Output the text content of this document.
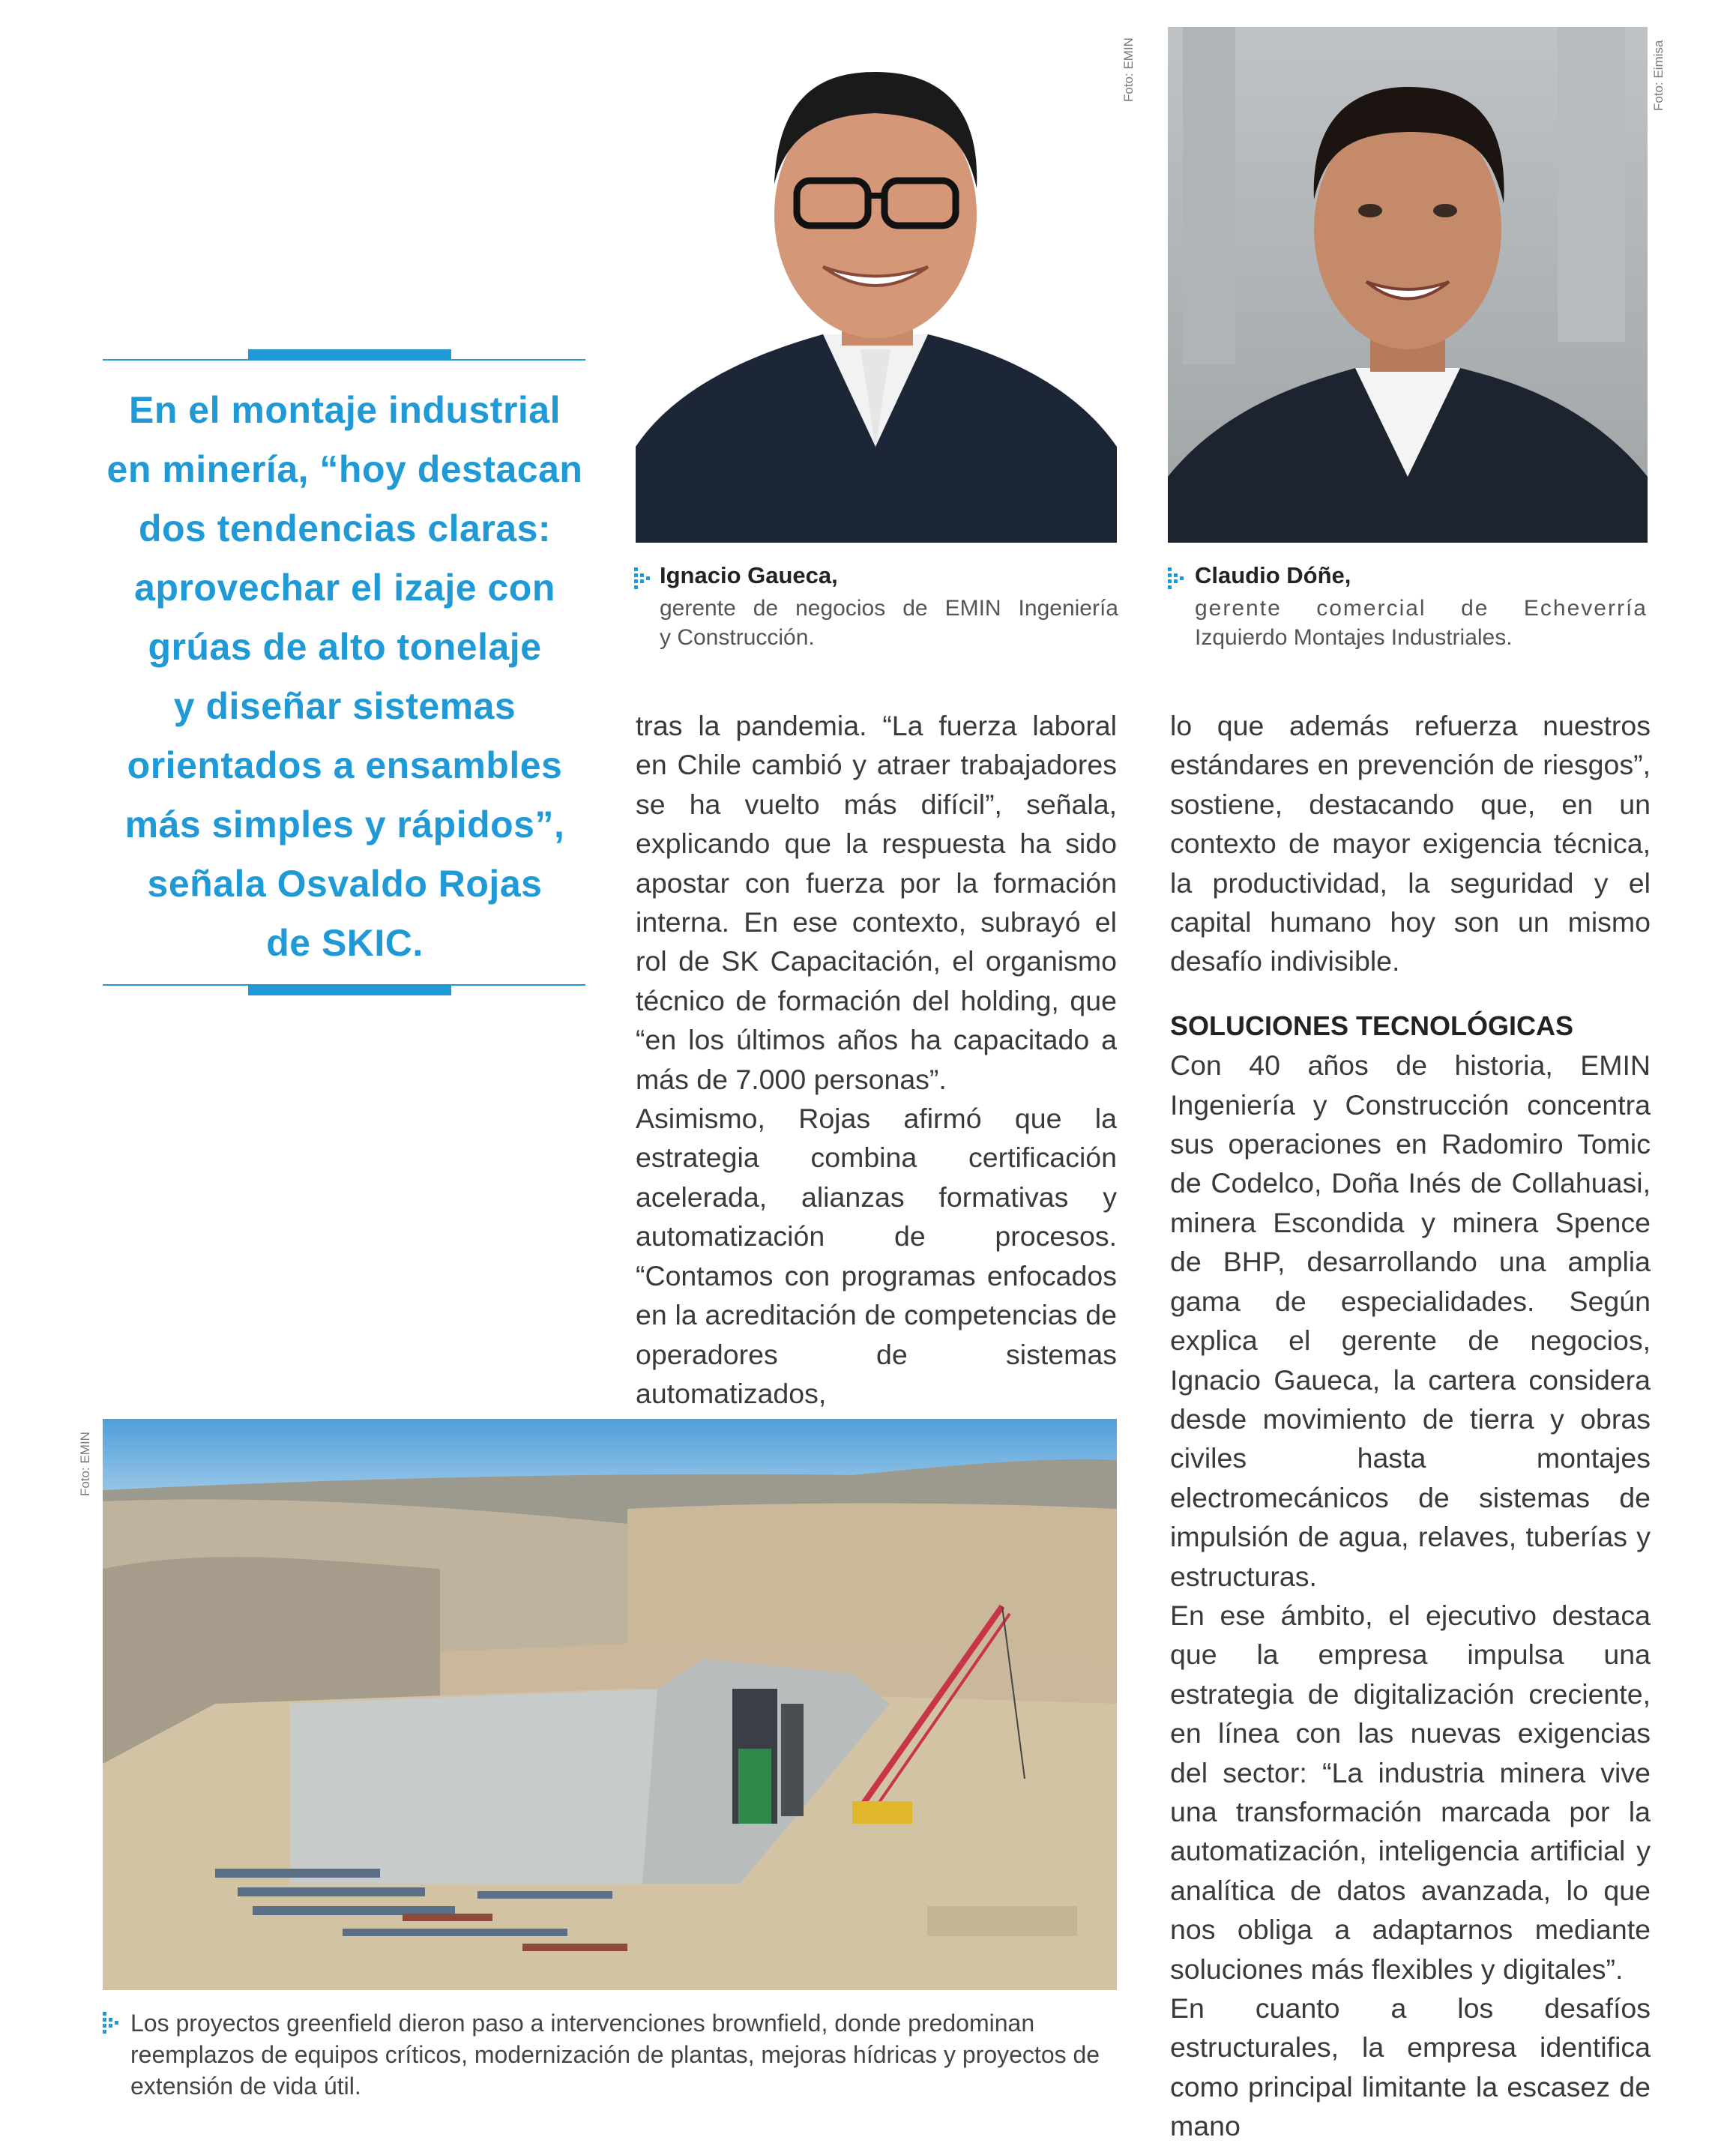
En el montaje industrial
en minería, “hoy destacan
dos tendencias claras:
aprovechar el izaje con
grúas de alto tonelaje
y diseñar sistemas
orientados a ensambles
más simples y rápidos”,
señala Osvaldo Rojas
de SKIC.
Foto: EMIN	Foto: Eimisa
Ignacio Gaueca,
gerente de negocios de EMIN Ingeniería
y Construcción.
Claudio Dóñe,
gerente comercial de Echeverría
Izquierdo Montajes Industriales.

tras la pandemia. “La fuerza laboral en Chile cambió y atraer trabajadores se ha vuelto más difícil”, señala, explicando que la respuesta ha sido apostar con fuerza por la formación interna. En ese contexto, subrayó el rol de SK Capacitación, el organismo técnico de formación del holding, que “en los últimos años ha capacitado a más de 7.000 personas”.

Asimismo, Rojas afirmó que la estrategia combina certificación acelerada, alianzas formativas y automatización de procesos. “Contamos con programas enfocados en la acreditación de competencias de operadores de sistemas automatizados,

lo que además refuerza nuestros estándares en prevención de riesgos”, sostiene, destacando que, en un contexto de mayor exigencia técnica, la productividad, la seguridad y el capital humano hoy son un mismo desafío indivisible.

SOLUCIONES TECNOLÓGICAS

Con 40 años de historia, EMIN Ingeniería y Construcción concentra sus operaciones en Radomiro Tomic de Codelco, Doña Inés de Collahuasi, minera Escondida y minera Spence de BHP, desarrollando una amplia gama de especialidades. Según explica el gerente de negocios, Ignacio Gaueca, la cartera considera desde movimiento de tierra y obras civiles hasta montajes electromecánicos de sistemas de impulsión de agua, relaves, tuberías y estructuras.

En ese ámbito, el ejecutivo destaca que la empresa impulsa una estrategia de digitalización creciente, en línea con las nuevas exigencias del sector: “La industria minera vive una transformación marcada por la automatización, inteligencia artificial y analítica de datos avanzada, lo que nos obliga a adaptarnos mediante soluciones más flexibles y digitales”.

En cuanto a los desafíos estructurales, la empresa identifica como principal limitante la escasez de mano

Foto: EMIN
Los proyectos greenfield dieron paso a intervenciones brownfield, donde predominan reemplazos de equipos críticos, modernización de plantas, mejoras hídricas y proyectos de extensión de vida útil.
